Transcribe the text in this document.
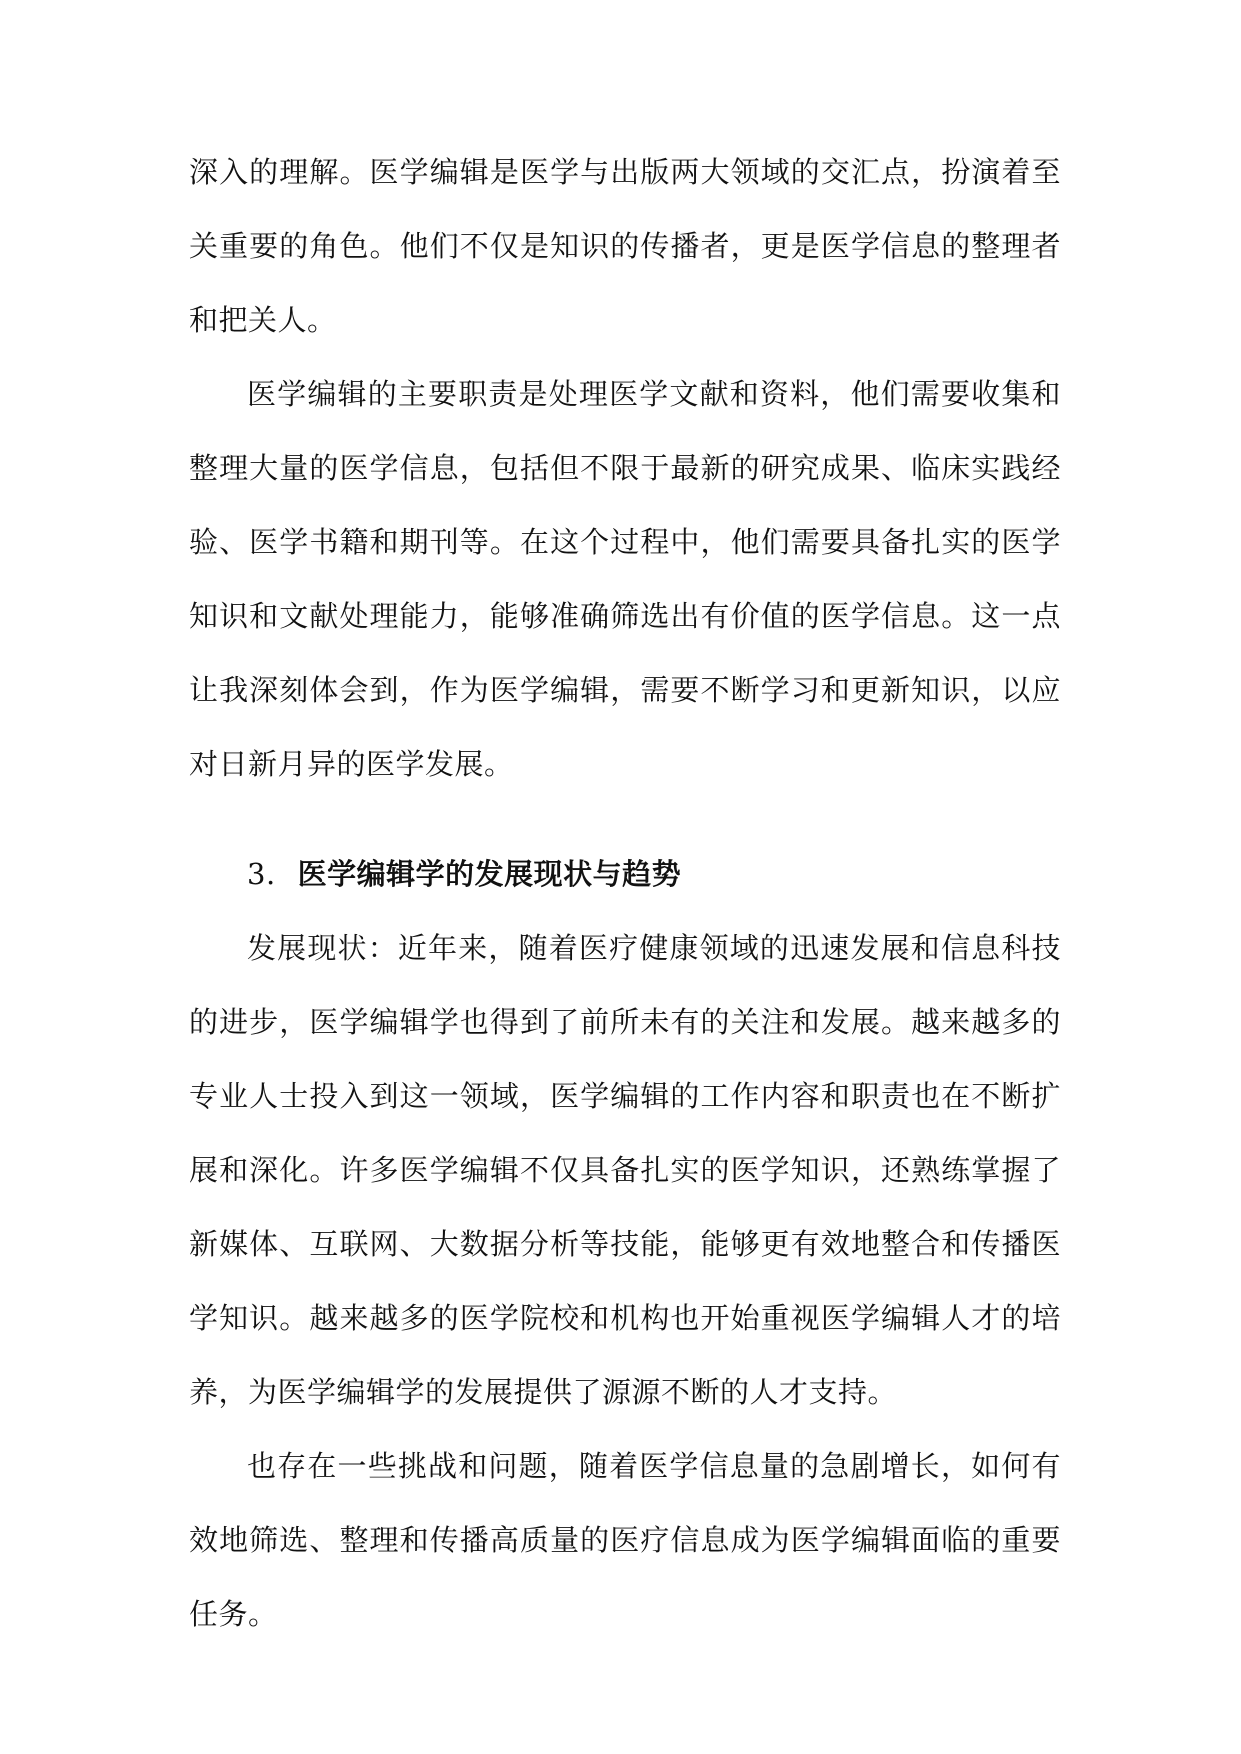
深入的理解。医学编辑是医学与出版两大领域的交汇点，扮演着至关重要的角色。他们不仅是知识的传播者，更是医学信息的整理者和把关人。

医学编辑的主要职责是处理医学文献和资料，他们需要收集和整理大量的医学信息，包括但不限于最新的研究成果、临床实践经验、医学书籍和期刊等。在这个过程中，他们需要具备扎实的医学知识和文献处理能力，能够准确筛选出有价值的医学信息。这一点让我深刻体会到，作为医学编辑，需要不断学习和更新知识，以应对日新月异的医学发展。

3. 医学编辑学的发展现状与趋势

发展现状：近年来，随着医疗健康领域的迅速发展和信息科技的进步，医学编辑学也得到了前所未有的关注和发展。越来越多的专业人士投入到这一领域，医学编辑的工作内容和职责也在不断扩展和深化。许多医学编辑不仅具备扎实的医学知识，还熟练掌握了新媒体、互联网、大数据分析等技能，能够更有效地整合和传播医学知识。越来越多的医学院校和机构也开始重视医学编辑人才的培养，为医学编辑学的发展提供了源源不断的人才支持。

也存在一些挑战和问题，随着医学信息量的急剧增长，如何有效地筛选、整理和传播高质量的医疗信息成为医学编辑面临的重要任务。
